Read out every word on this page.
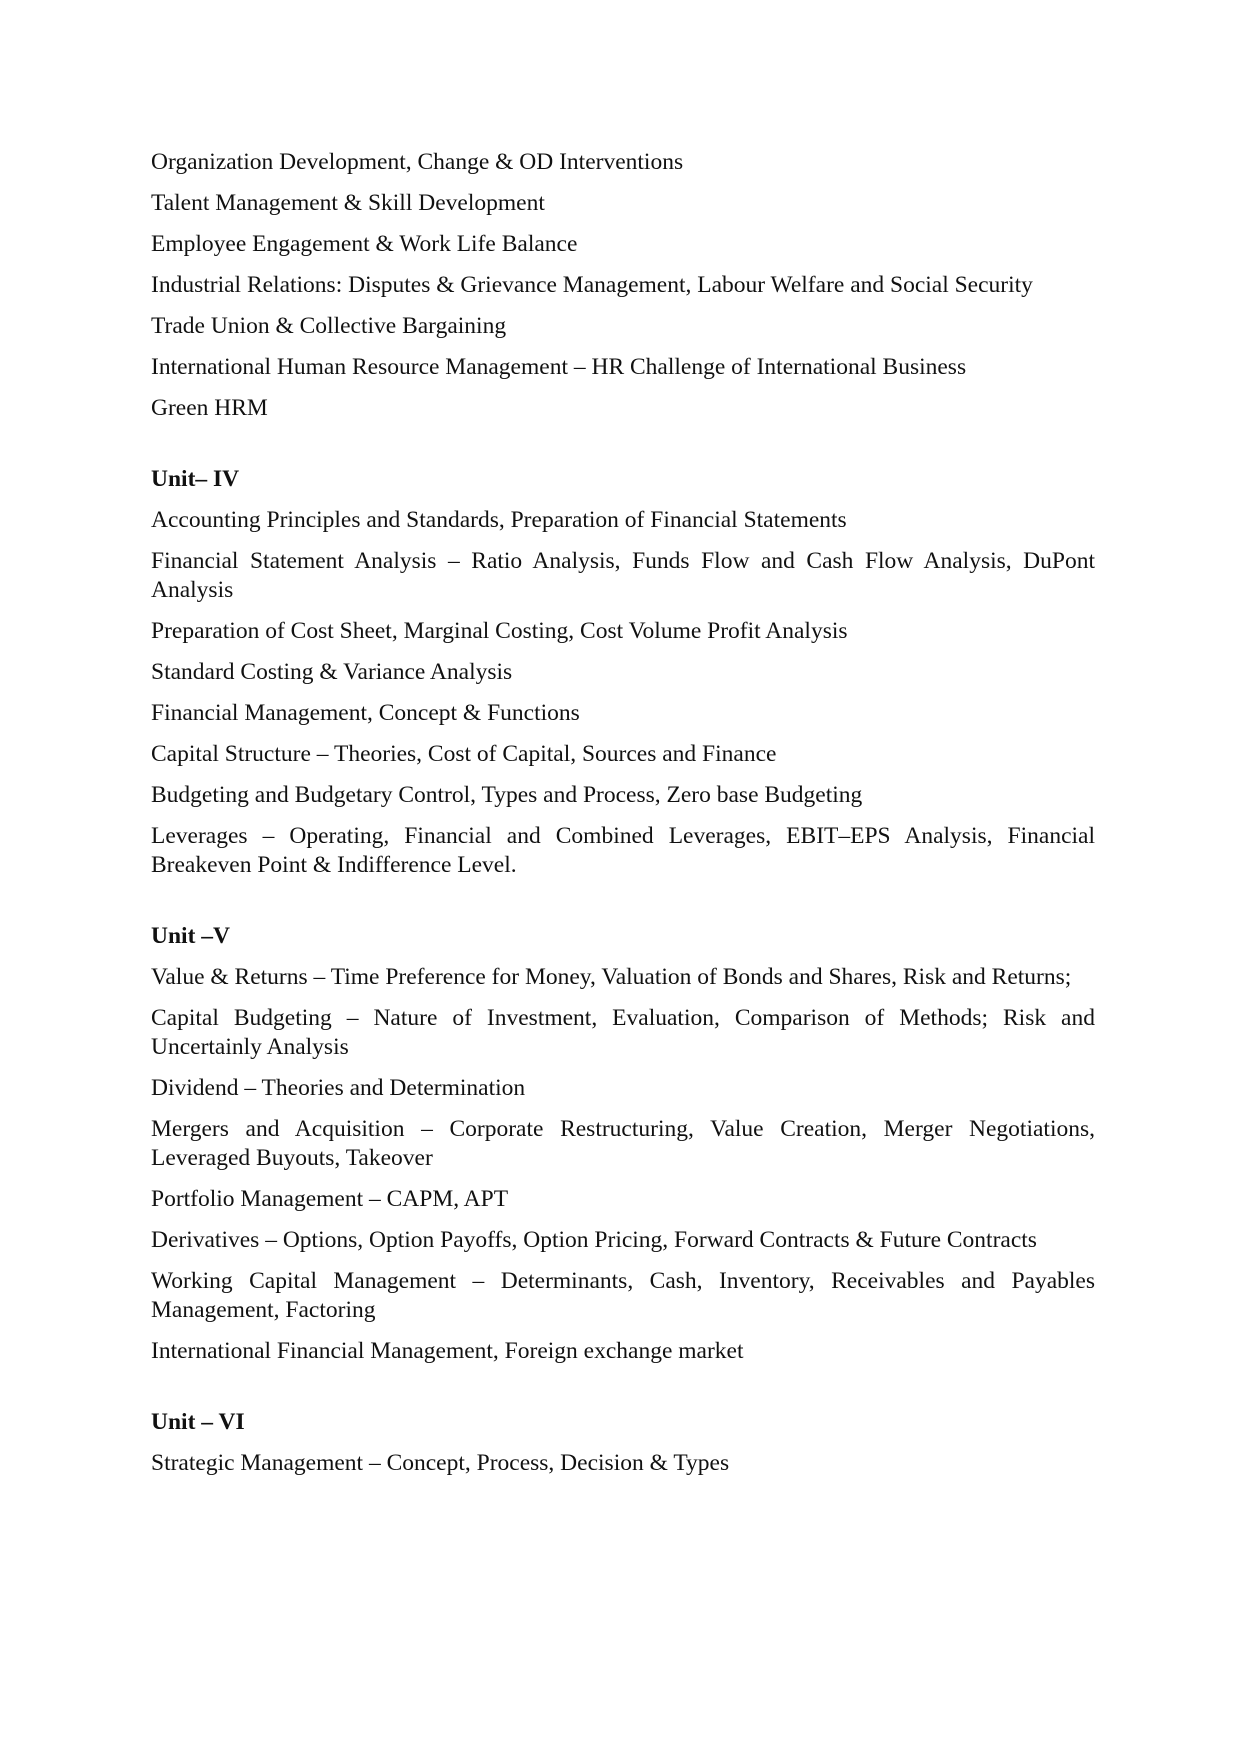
Organization Development, Change & OD Interventions

Talent Management & Skill Development

Employee Engagement & Work Life Balance

Industrial Relations: Disputes & Grievance Management, Labour Welfare and Social Security

Trade Union & Collective Bargaining

International Human Resource Management – HR Challenge of International Business

Green HRM

Unit– IV

Accounting Principles and Standards, Preparation of Financial Statements

Financial Statement Analysis – Ratio Analysis, Funds Flow and Cash Flow Analysis, DuPont Analysis

Preparation of Cost Sheet, Marginal Costing, Cost Volume Profit Analysis

Standard Costing & Variance Analysis

Financial Management, Concept & Functions

Capital Structure – Theories, Cost of Capital, Sources and Finance

Budgeting and Budgetary Control, Types and Process, Zero base Budgeting

Leverages – Operating, Financial and Combined Leverages, EBIT–EPS Analysis, Financial Breakeven Point & Indifference Level.

Unit –V

Value & Returns – Time Preference for Money, Valuation of Bonds and Shares, Risk and Returns;

Capital Budgeting – Nature of Investment, Evaluation, Comparison of Methods; Risk and Uncertainly Analysis

Dividend – Theories and Determination

Mergers and Acquisition – Corporate Restructuring, Value Creation, Merger Negotiations, Leveraged Buyouts, Takeover

Portfolio Management – CAPM, APT

Derivatives – Options, Option Payoffs, Option Pricing, Forward Contracts & Future Contracts

Working Capital Management – Determinants, Cash, Inventory, Receivables and Payables Management, Factoring

International Financial Management, Foreign exchange market

Unit – VI

Strategic Management – Concept, Process, Decision & Types
